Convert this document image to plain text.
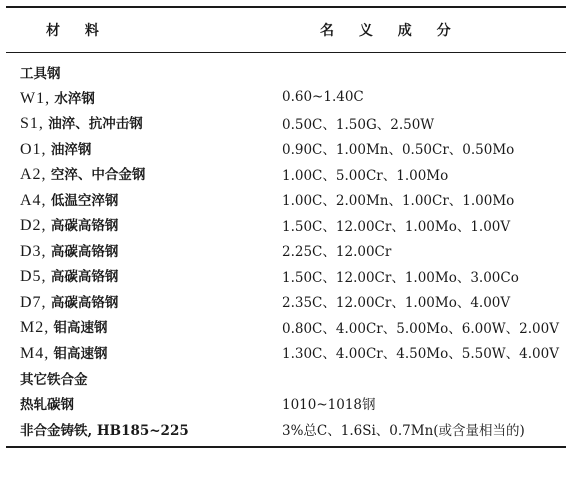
材 料	名 义 成 分
工具钢	
W1, 水淬钢	0.60~1.40C
S1, 油淬、抗冲击钢	0.50C、1.50G、2.50W
O1, 油淬钢	0.90C、1.00Mn、0.50Cr、0.50Mo
A2, 空淬、中合金钢	1.00C、5.00Cr、1.00Mo
A4, 低温空淬钢	1.00C、2.00Mn、1.00Cr、1.00Mo
D2, 高碳高铬钢	1.50C、12.00Cr、1.00Mo、1.00V
D3, 高碳高铬钢	2.25C、12.00Cr
D5, 高碳高铬钢	1.50C、12.00Cr、1.00Mo、3.00Co
D7, 高碳高铬钢	2.35C、12.00Cr、1.00Mo、4.00V
M2, 钼高速钢	0.80C、4.00Cr、5.00Mo、6.00W、2.00V
M4, 钼高速钢	1.30C、4.00Cr、4.50Mo、5.50W、4.00V
其它铁合金	
热轧碳钢	1010~1018钢
非合金铸铁, HB185~225	3%总C、1.6Si、0.7Mn(或含量相当的)
